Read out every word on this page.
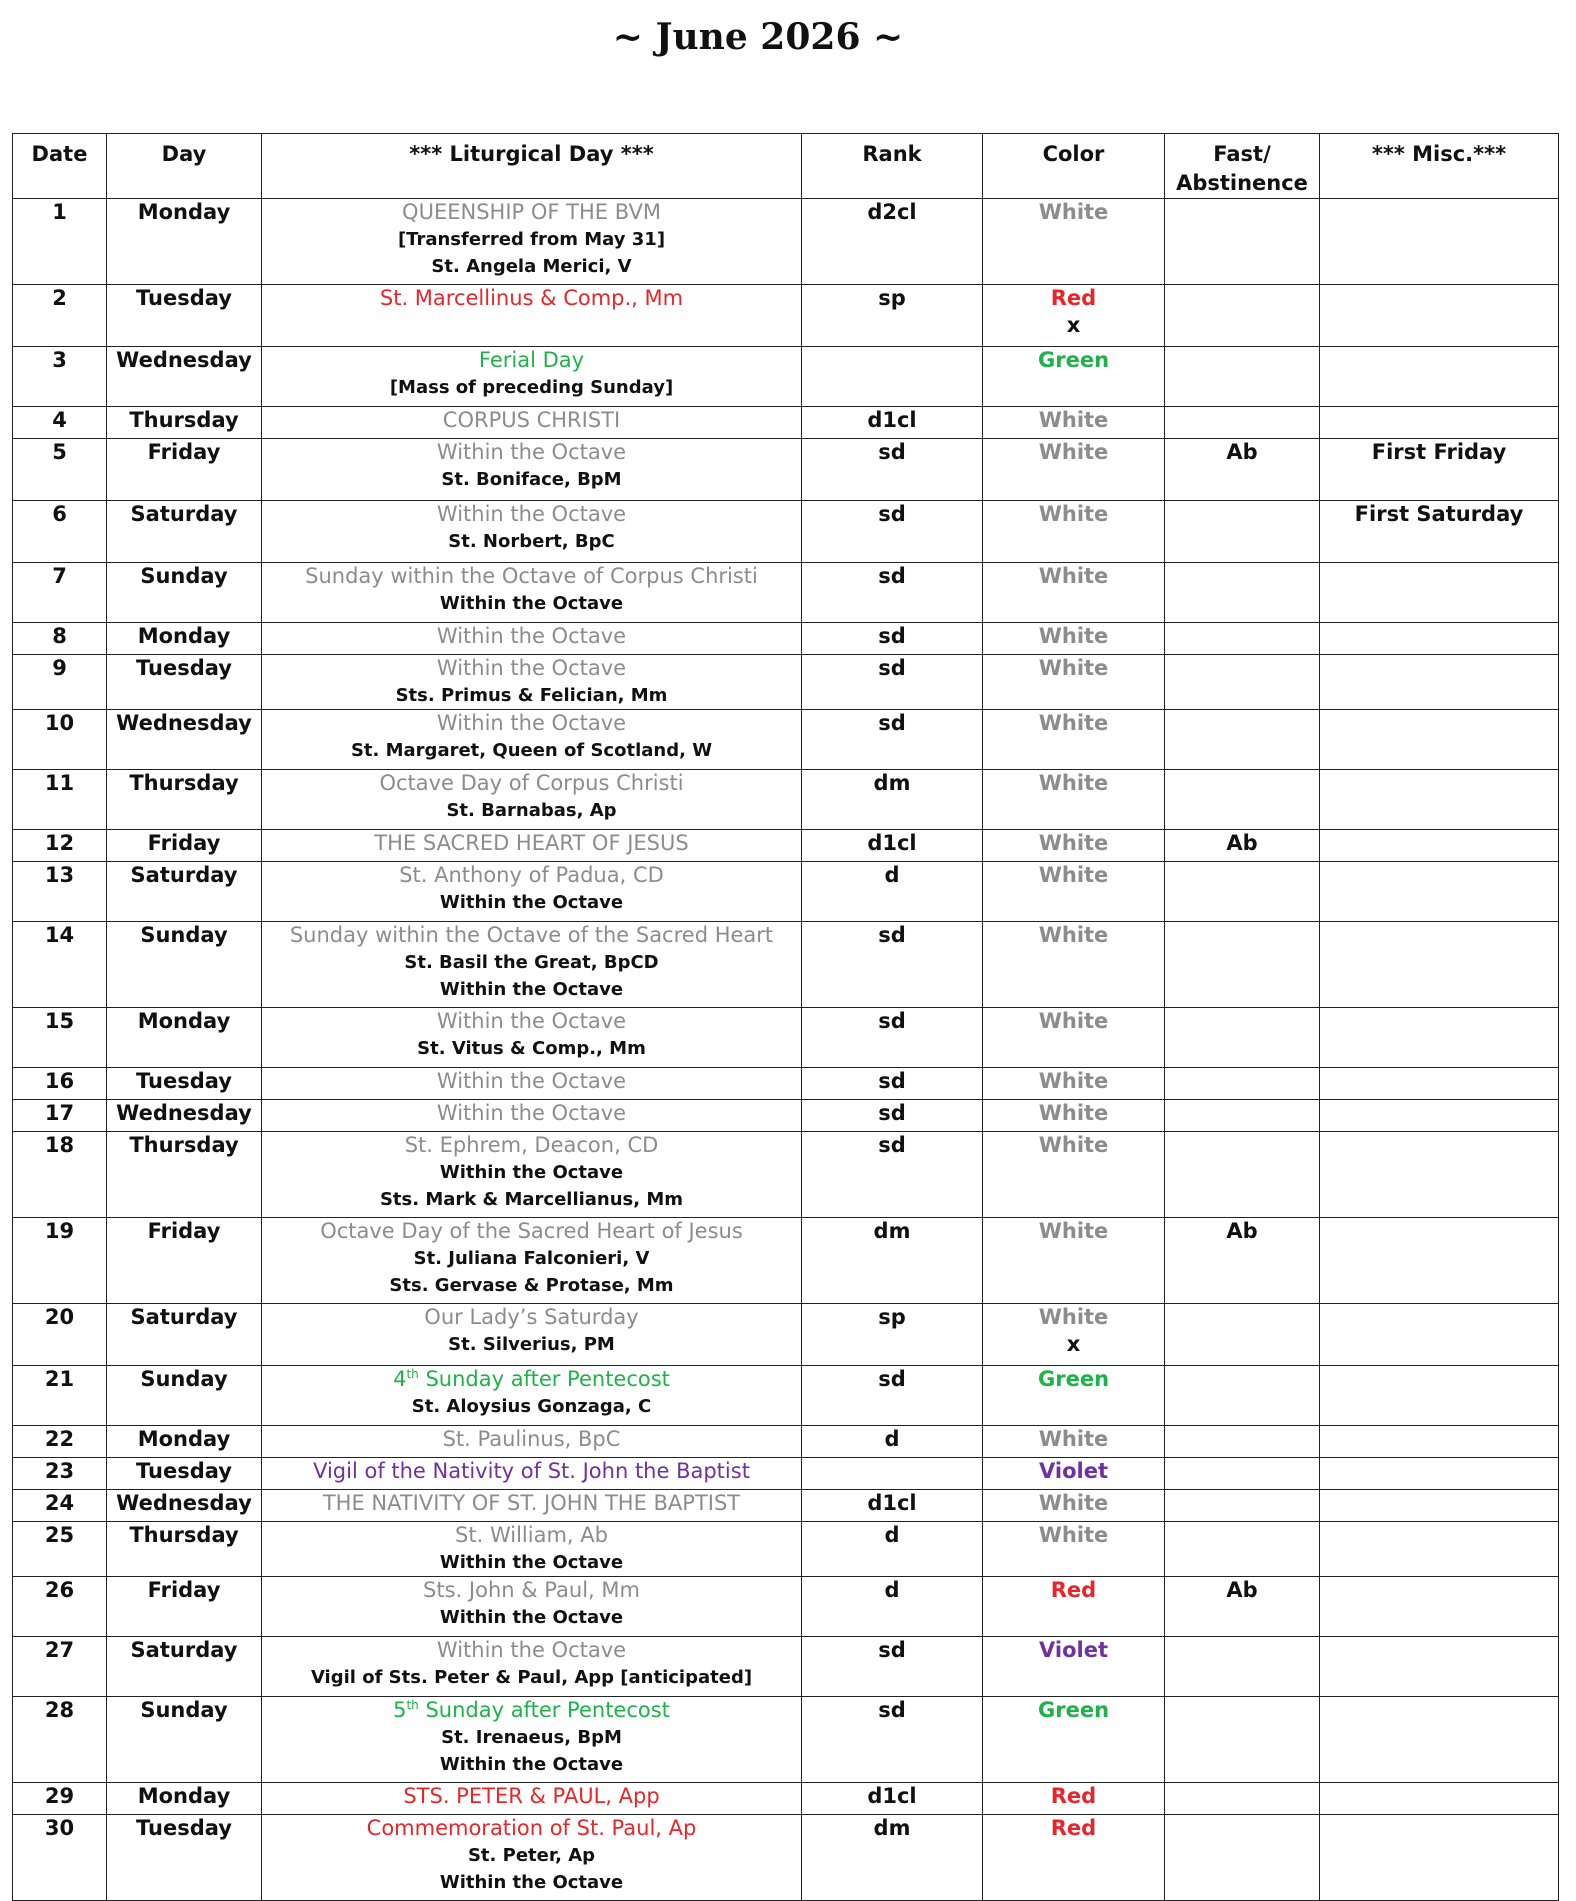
~ June 2026 ~
Date	Day	*** Liturgical Day ***	Rank	Color	Fast/
Abstinence	*** Misc.***

1	Monday	QUEENSHIP OF THE BVM
[Transferred from May 31]
St. Angela Merici, V	d2cl	White		

2	Tuesday	St. Marcellinus & Comp., Mm	sp	Red
x		

3	Wednesday	Ferial Day
[Mass of preceding Sunday]		Green		

4	Thursday	CORPUS CHRISTI	d1cl	White		

5	Friday	Within the Octave
St. Boniface, BpM	sd	White	Ab	First Friday

6	Saturday	Within the Octave
St. Norbert, BpC	sd	White		First Saturday

7	Sunday	Sunday within the Octave of Corpus Christi
Within the Octave	sd	White		

8	Monday	Within the Octave	sd	White		

9	Tuesday	Within the Octave
Sts. Primus & Felician, Mm	sd	White		

10	Wednesday	Within the Octave
St. Margaret, Queen of Scotland, W	sd	White		

11	Thursday	Octave Day of Corpus Christi
St. Barnabas, Ap	dm	White		

12	Friday	THE SACRED HEART OF JESUS	d1cl	White	Ab	

13	Saturday	St. Anthony of Padua, CD
Within the Octave	d	White		

14	Sunday	Sunday within the Octave of the Sacred Heart
St. Basil the Great, BpCD
Within the Octave	sd	White		

15	Monday	Within the Octave
St. Vitus & Comp., Mm	sd	White		

16	Tuesday	Within the Octave	sd	White		

17	Wednesday	Within the Octave	sd	White		

18	Thursday	St. Ephrem, Deacon, CD
Within the Octave
Sts. Mark & Marcellianus, Mm	sd	White		

19	Friday	Octave Day of the Sacred Heart of Jesus
St. Juliana Falconieri, V
Sts. Gervase & Protase, Mm	dm	White	Ab	

20	Saturday	Our Lady’s Saturday
St. Silverius, PM	sp	White
x		

21	Sunday	4th Sunday after Pentecost
St. Aloysius Gonzaga, C	sd	Green		

22	Monday	St. Paulinus, BpC	d	White		

23	Tuesday	Vigil of the Nativity of St. John the Baptist		Violet		

24	Wednesday	THE NATIVITY OF ST. JOHN THE BAPTIST	d1cl	White		

25	Thursday	St. William, Ab
Within the Octave	d	White		

26	Friday	Sts. John & Paul, Mm
Within the Octave	d	Red	Ab	

27	Saturday	Within the Octave
Vigil of Sts. Peter & Paul, App [anticipated]	sd	Violet		

28	Sunday	5th Sunday after Pentecost
St. Irenaeus, BpM
Within the Octave	sd	Green		

29	Monday	STS. PETER & PAUL, App	d1cl	Red		

30	Tuesday	Commemoration of St. Paul, Ap
St. Peter, Ap
Within the Octave	dm	Red		
